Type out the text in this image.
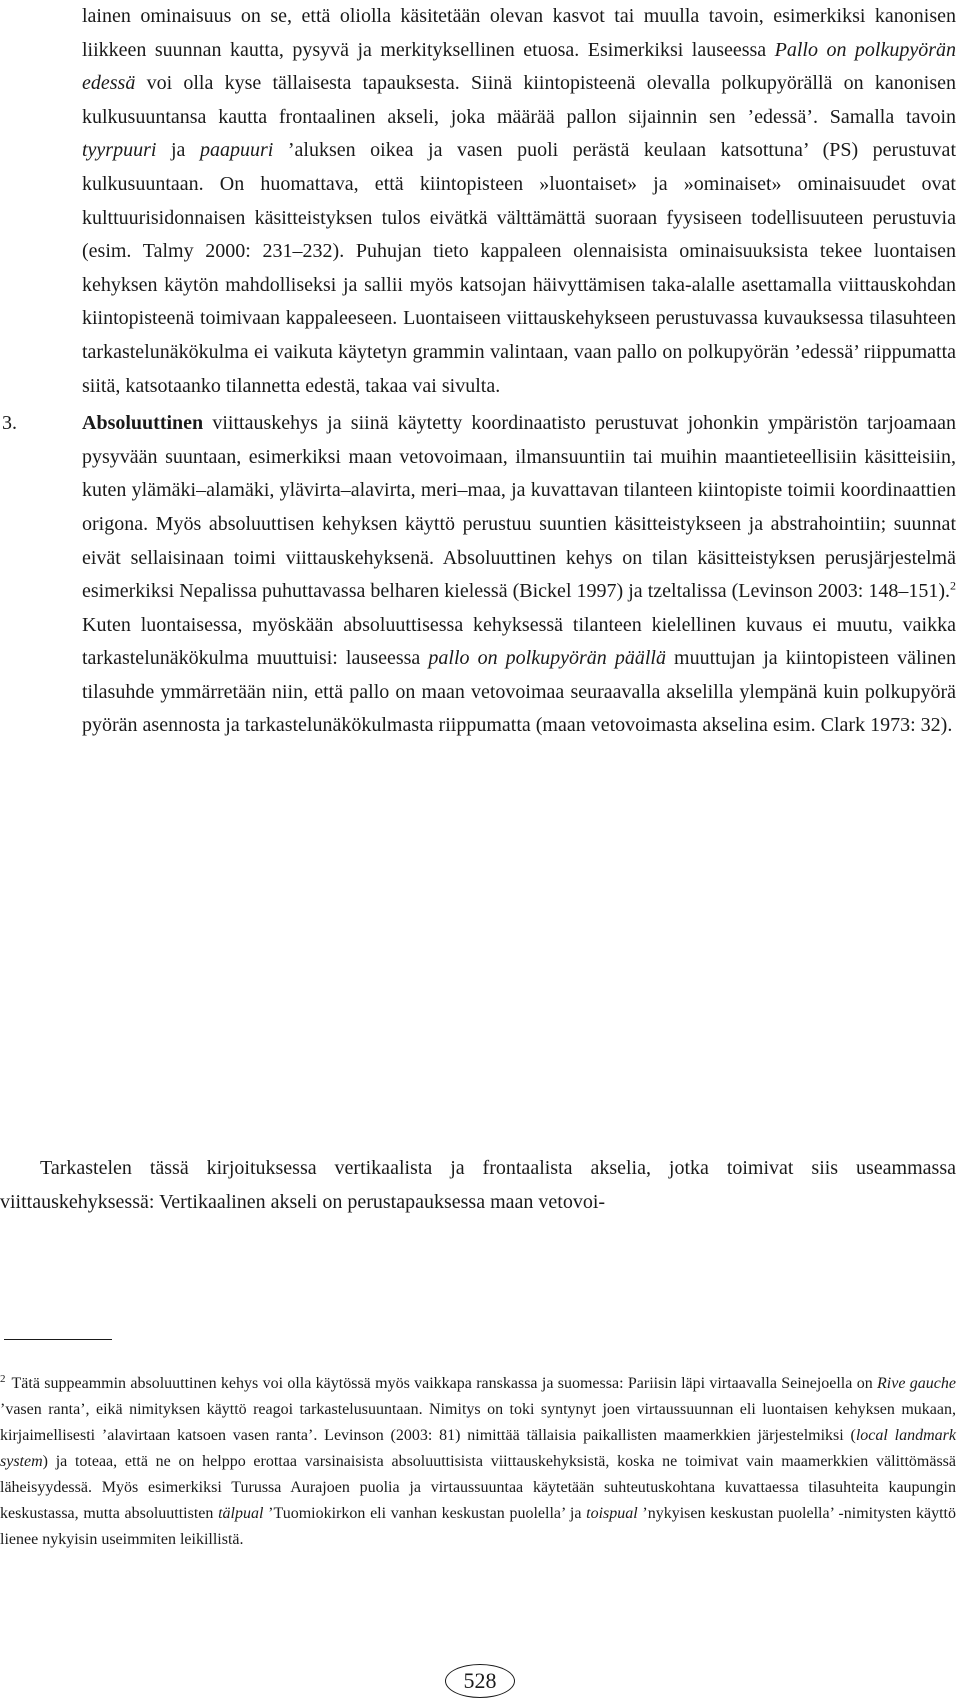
lainen ominaisuus on se, että oliolla käsitetään olevan kasvot tai muulla tavoin, esimerkiksi kanonisen liikkeen suunnan kautta, pysyvä ja merkityksellinen etuosa. Esimerkiksi lauseessa Pallo on polkupyörän edessä voi olla kyse tällaisesta tapauksesta. Siinä kiintopisteenä olevalla polkupyörällä on kanonisen kulkusuuntansa kautta frontaalinen akseli, joka määrää pallon sijainnin sen ’edessä’. Samalla tavoin tyyrpuuri ja paapuuri ’aluksen oikea ja vasen puoli perästä keulaan katsottuna’ (PS) perustuvat kulkusuuntaan. On huomattava, että kiintopisteen »luontaiset» ja »ominaiset» ominaisuudet ovat kulttuurisidonnaisen käsitteistyksen tulos eivätkä välttämättä suoraan fyysiseen todellisuuteen perustuvia (esim. Talmy 2000: 231–232). Puhujan tieto kappaleen olennaisista ominaisuuksista tekee luontaisen kehyksen käytön mahdolliseksi ja sallii myös katsojan häivyttämisen taka-alalle asettamalla viittauskohdan kiintopisteenä toimivaan kappaleeseen. Luontaiseen viittauskehykseen perustuvassa kuvauksessa tilasuhteen tarkastelunäkökulma ei vaikuta käytetyn grammin valintaan, vaan pallo on polkupyörän ’edessä’ riippumatta siitä, katsotaanko tilannetta edestä, takaa vai sivulta.

3.	Absoluuttinen viittauskehys ja siinä käytetty koordinaatisto perustuvat johonkin ympäristön tarjoamaan pysyvään suuntaan, esimerkiksi maan vetovoimaan, ilmansuuntiin tai muihin maantieteellisiin käsitteisiin, kuten ylämäki–alamäki, ylävirta–alavirta, meri–maa, ja kuvattavan tilanteen kiintopiste toimii koordinaattien origona. Myös absoluuttisen kehyksen käyttö perustuu suuntien käsitteistykseen ja abstrahointiin; suunnat eivät sellaisinaan toimi viittauskehyksenä. Absoluuttinen kehys on tilan käsitteistyksen perusjärjestelmä esimerkiksi Nepalissa puhuttavassa belharen kielessä (Bickel 1997) ja tzeltalissa (Levinson 2003: 148–151).$^2$ Kuten luontaisessa, myöskään absoluuttisessa kehyksessä tilanteen kielellinen kuvaus ei muutu, vaikka tarkastelunäkökulma muuttuisi: lauseessa pallo on polkupyörän päällä muuttujan ja kiintopisteen välinen tilasuhde ymmärretään niin, että pallo on maan vetovoimaa seuraavalla akselilla ylempänä kuin polkupyörä pyörän asennosta ja tarkastelunäkökulmasta riippumatta (maan vetovoimasta akselina esim. Clark 1973: 32).

Tarkastelen tässä kirjoituksessa vertikaalista ja frontaalista akselia, jotka toimivat siis useammassa viittauskehyksessä: Vertikaalinen akseli on perustapauksessa maan vetovoi-

$^2$ Tätä suppeammin absoluuttinen kehys voi olla käytössä myös vaikkapa ranskassa ja suomessa: Pariisin läpi virtaavalla Seinejoella on Rive gauche ’vasen ranta’, eikä nimityksen käyttö reagoi tarkastelusuuntaan. Nimitys on toki syntynyt joen virtaussuunnan eli luontaisen kehyksen mukaan, kirjaimellisesti ’alavirtaan katsoen vasen ranta’. Levinson (2003: 81) nimittää tällaisia paikallisten maamerkkien järjestelmiksi (local landmark system) ja toteaa, että ne on helppo erottaa varsinaisista absoluuttisista viittauskehyksistä, koska ne toimivat vain maamerkkien välittömässä läheisyydessä. Myös esimerkiksi Turussa Aurajoen puolia ja virtaussuuntaa käytetään suhteutuskohtana kuvattaessa tilasuhteita kaupungin keskustassa, mutta absoluuttisten tälpual ’Tuomiokirkon eli vanhan keskustan puolella’ ja toispual ’nykyisen keskustan puolella’ -nimitysten käyttö lienee nykyisin useimmiten leikillistä.

528
